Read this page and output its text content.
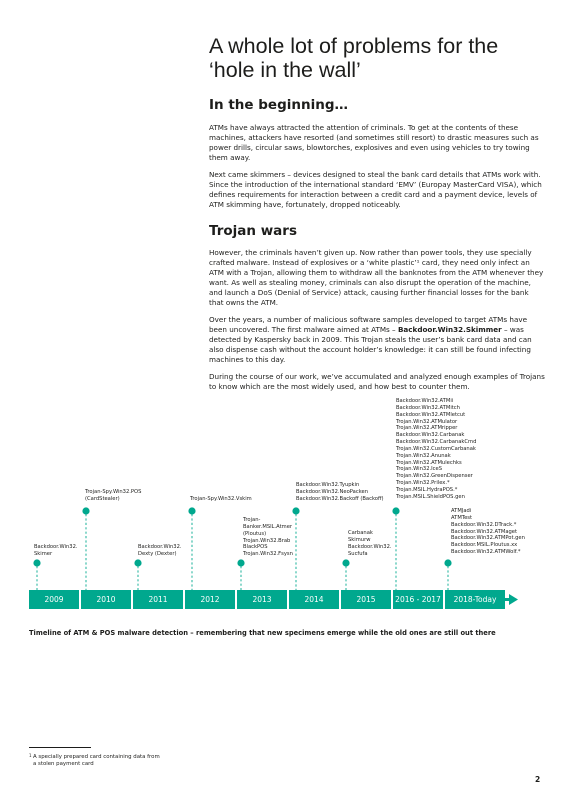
A whole lot of problems for the ‘hole in the wall’
In the beginning…

ATMs have always attracted the attention of criminals. To get at the contents of these machines, attackers have resorted (and sometimes still resort) to drastic measures such as power drills, circular saws, blowtorches, explosives and even using vehicles to try towing them away.

Next came skimmers – devices designed to steal the bank card details that ATMs work with. Since the introduction of the international standard ‘EMV’ (Europay MasterCard VISA), which defines requirements for interaction between a credit card and a payment device, levels of ATM skimming have, fortunately, dropped noticeably.

Trojan wars

However, the criminals haven’t given up. Now rather than power tools, they use specially crafted malware. Instead of explosives or a ‘white plastic’¹ card, they need only infect an ATM with a Trojan, allowing them to withdraw all the banknotes from the ATM whenever they want. As well as stealing money, criminals can also disrupt the operation of the machine, and launch a DoS (Denial of Service) attack, causing further financial losses for the bank that owns the ATM.

Over the years, a number of malicious software samples developed to target ATMs have been uncovered. The first malware aimed at ATMs – Backdoor.Win32.Skimmer – was detected by Kaspersky back in 2009. This Trojan steals the user’s bank card data and can also dispense cash without the account holder’s knowledge: it can still be found infecting machines to this day.

During the course of our work, we’ve accumulated and analyzed enough examples of Trojans to know which are the most widely used, and how best to counter them.

2009	2010	2011	2012	2013	2014	2015	2016 - 2017	2018-Today
Backdoor.Win32.
Skimer
Trojan-Spy.Win32.POS
(CardStealer)
Backdoor.Win32.
Dexty (Dexter)
Trojan-Spy.Win32.Vskim
Trojan-
Banker.MSIL.Atmer
(Ploutus)
Trojan.Win32.Brab
BlackPOS
Trojan.Win32.Fsysn
Backdoor.Win32.Tyupkin
Backdoor.Win32.NeoPacken
Backdoor.Win32.Backoff (Backoff)
Carbanak
Skimurw
Backdoor.Win32.
Sucfufa
Backdoor.Win32.ATMii
Backdoor.Win32.ATMitch
Backdoor.Win32.ATMletcut
Trojan.Win32.ATMulator
Trojan.Win32.ATMripper
Backdoor.Win32.Carbanak
Backdoor.Win32.CarbanakCmd
Trojan.Win32.CustomCarbanak
Trojan.Win32.Anunak
Trojan.Win32.ATMulechks
Trojan.Win32.IceS
Trojan.Win32.GreenDispenser
Trojan.Win32.Prilex.*
Trojan.MSIL.HydraPOS.*
Trojan.MSIL.ShieldPOS.gen
ATMJadi
ATMTest
Backdoor.Win32.DTrack.*
Backdoor.Win32.ATMaget
Backdoor.Win32.ATMPot.gen
Backdoor.MSIL.Ploutus.xx
Backdoor.Win32.ATMWolf.*

Timeline of ATM & POS malware detection – remembering that new specimens emerge while the old ones are still out there

1 A specially prepared card containing data from
a stolen payment card
2
